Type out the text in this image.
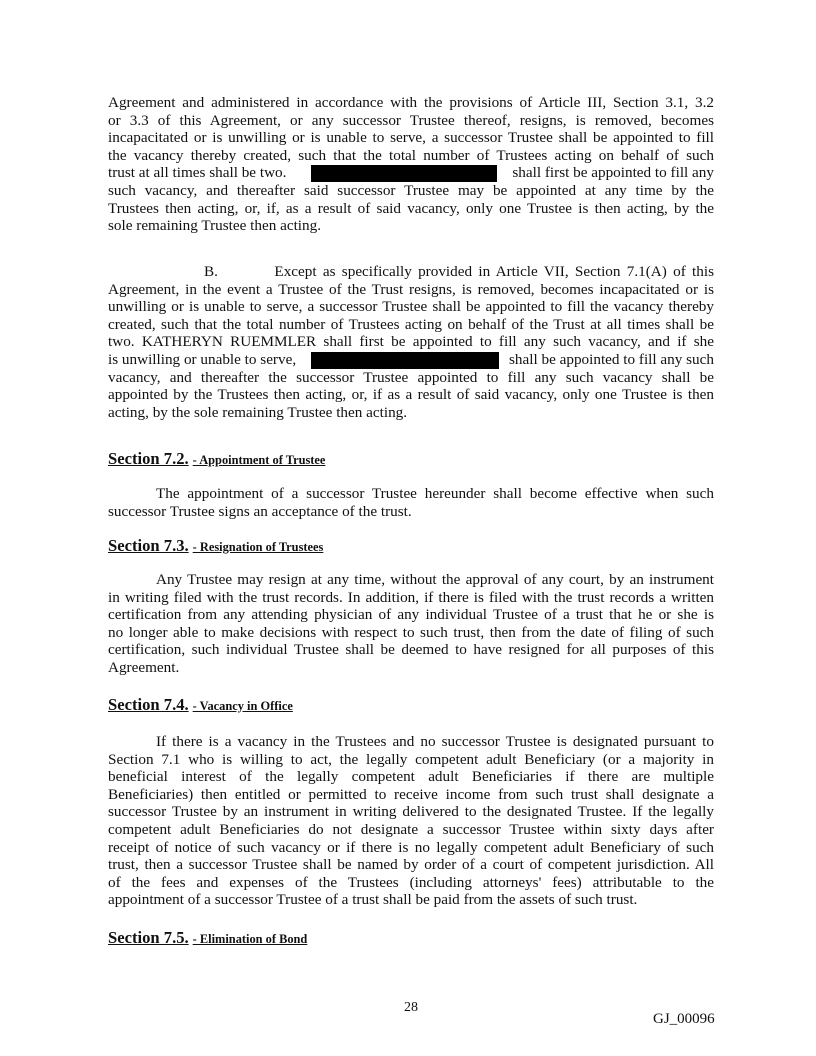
Agreement and administered in accordance with the provisions of Article III, Section 3.1, 3.2
or 3.3 of this Agreement, or any successor Trustee thereof, resigns, is removed, becomes
incapacitated or is unwilling or is unable to serve, a successor Trustee shall be appointed to fill
the vacancy thereby created, such that the total number of Trustees acting on behalf of such
trust at all times shall be two.	shall first be appointed to fill any
such vacancy, and thereafter said successor Trustee may be appointed at any time by the
Trustees then acting, or, if, as a result of said vacancy, only one Trustee is then acting, by the
sole remaining Trustee then acting.
B.         Except as specifically provided in Article VII, Section 7.1(A) of this
Agreement, in the event a Trustee of the Trust resigns, is removed, becomes incapacitated or is
unwilling or is unable to serve, a successor Trustee shall be appointed to fill the vacancy thereby
created, such that the total number of Trustees acting on behalf of the Trust at all times shall be
two. KATHERYN RUEMMLER shall first be appointed to fill any such vacancy, and if she
is unwilling or unable to serve,	shall be appointed to fill any such
vacancy, and thereafter the successor Trustee appointed to fill any such vacancy shall be
appointed by the Trustees then acting, or, if as a result of said vacancy, only one Trustee is then
acting, by the sole remaining Trustee then acting.
Section 7.2. - Appointment of Trustee
The appointment of a successor Trustee hereunder shall become effective when such
successor Trustee signs an acceptance of the trust.
Section 7.3. - Resignation of Trustees
Any Trustee may resign at any time, without the approval of any court, by an instrument
in writing filed with the trust records. In addition, if there is filed with the trust records a written
certification from any attending physician of any individual Trustee of a trust that he or she is
no longer able to make decisions with respect to such trust, then from the date of filing of such
certification, such individual Trustee shall be deemed to have resigned for all purposes of this
Agreement.
Section 7.4. - Vacancy in Office
If there is a vacancy in the Trustees and no successor Trustee is designated pursuant to
Section 7.1 who is willing to act, the legally competent adult Beneficiary (or a majority in
beneficial interest of the legally competent adult Beneficiaries if there are multiple
Beneficiaries) then entitled or permitted to receive income from such trust shall designate a
successor Trustee by an instrument in writing delivered to the designated Trustee. If the legally
competent adult Beneficiaries do not designate a successor Trustee within sixty days after
receipt of notice of such vacancy or if there is no legally competent adult Beneficiary of such
trust, then a successor Trustee shall be named by order of a court of competent jurisdiction. All
of the fees and expenses of the Trustees (including attorneys' fees) attributable to the
appointment of a successor Trustee of a trust shall be paid from the assets of such trust.
Section 7.5. - Elimination of Bond
28
GJ_00096
